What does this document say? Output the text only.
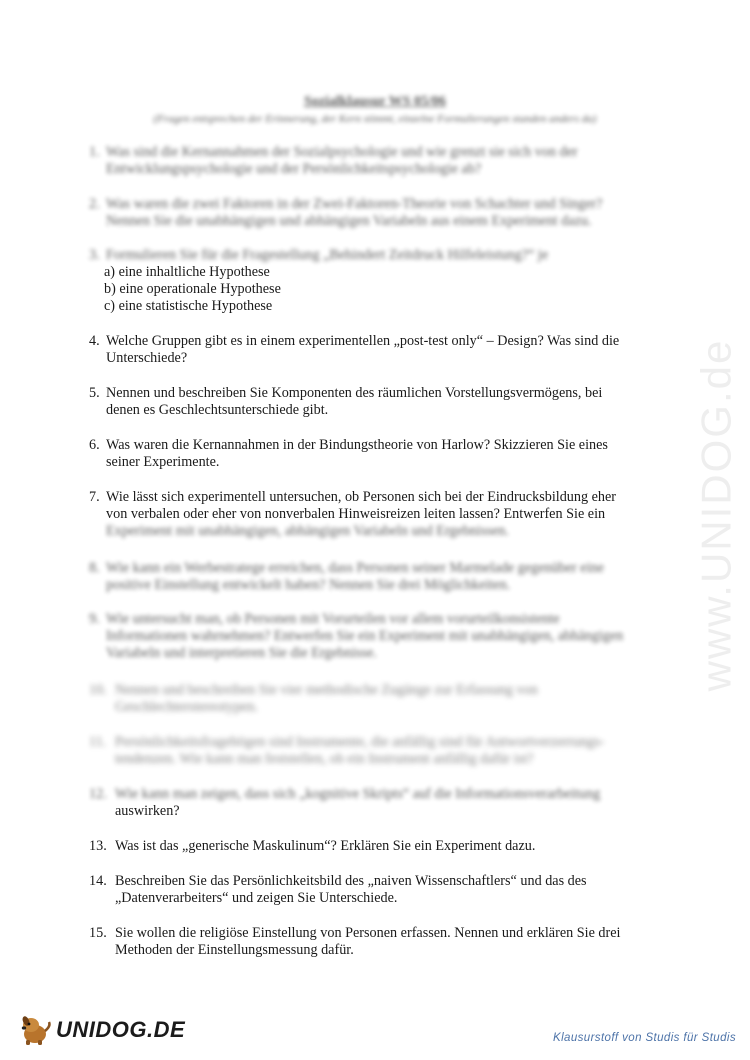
www.UNIDOG.de
Sozialklausur WS 05/06
(Fragen entsprechen der Erinnerung, der Kern stimmt, einzelne Formulierungen standen anders da)
1. Was sind die Kernannahmen der Sozialpsychologie und wie grenzt sie sich von der
Entwicklungspsychologie und der Persönlichkeitspsychologie ab?
2. Was waren die zwei Faktoren in der Zwei-Faktoren-Theorie von Schachter und Singer?
Nennen Sie die unabhängigen und abhängigen Variabeln aus einem Experiment dazu.
3. Formulieren Sie für die Fragestellung „Behindert Zeitdruck Hilfeleistung?“ je
a) eine inhaltliche Hypothese
b) eine operationale Hypothese
c) eine statistische Hypothese
4. Welche Gruppen gibt es in einem experimentellen „post-test only“ – Design? Was sind die
Unterschiede?
5. Nennen und beschreiben Sie Komponenten des räumlichen Vorstellungsvermögens, bei
denen es Geschlechtsunterschiede gibt.
6. Was waren die Kernannahmen in der Bindungstheorie von Harlow? Skizzieren Sie eines
seiner Experimente.
7. Wie lässt sich experimentell untersuchen, ob Personen sich bei der Eindrucksbildung eher
von verbalen oder eher von nonverbalen Hinweisreizen leiten lassen? Entwerfen Sie ein
Experiment mit unabhängigen, abhängigen Variabeln und Ergebnissen.
8. Wie kann ein Werbestratege erreichen, dass Personen seiner Marmelade gegenüber eine
positive Einstellung entwickelt haben? Nennen Sie drei Möglichkeiten.
9. Wie untersucht man, ob Personen mit Vorurteilen vor allem vorurteilkonsistente
Informationen wahrnehmen? Entwerfen Sie ein Experiment mit unabhängigen, abhängigen
Variabeln und interpretieren Sie die Ergebnisse.
10. Nennen und beschreiben Sie vier methodische Zugänge zur Erfassung von
Geschlechterstereotypen.
11. Persönlichkeitsfragebögen sind Instrumente, die anfällig sind für Antwortverzerrungs-
tendenzen. Wie kann man feststellen, ob ein Instrument anfällig dafür ist?
12. Wie kann man zeigen, dass sich „kognitive Skripts“ auf die Informationsverarbeitung
auswirken?
13. Was ist das „generische Maskulinum“? Erklären Sie ein Experiment dazu.
14. Beschreiben Sie das Persönlichkeitsbild des „naiven Wissenschaftlers“ und das des
„Datenverarbeiters“ und zeigen Sie Unterschiede.
15. Sie wollen die religiöse Einstellung von Personen erfassen. Nennen und erklären Sie drei
Methoden der Einstellungsmessung dafür.
UNIDOG.DE	Klausurstoff von Studis für Studis
